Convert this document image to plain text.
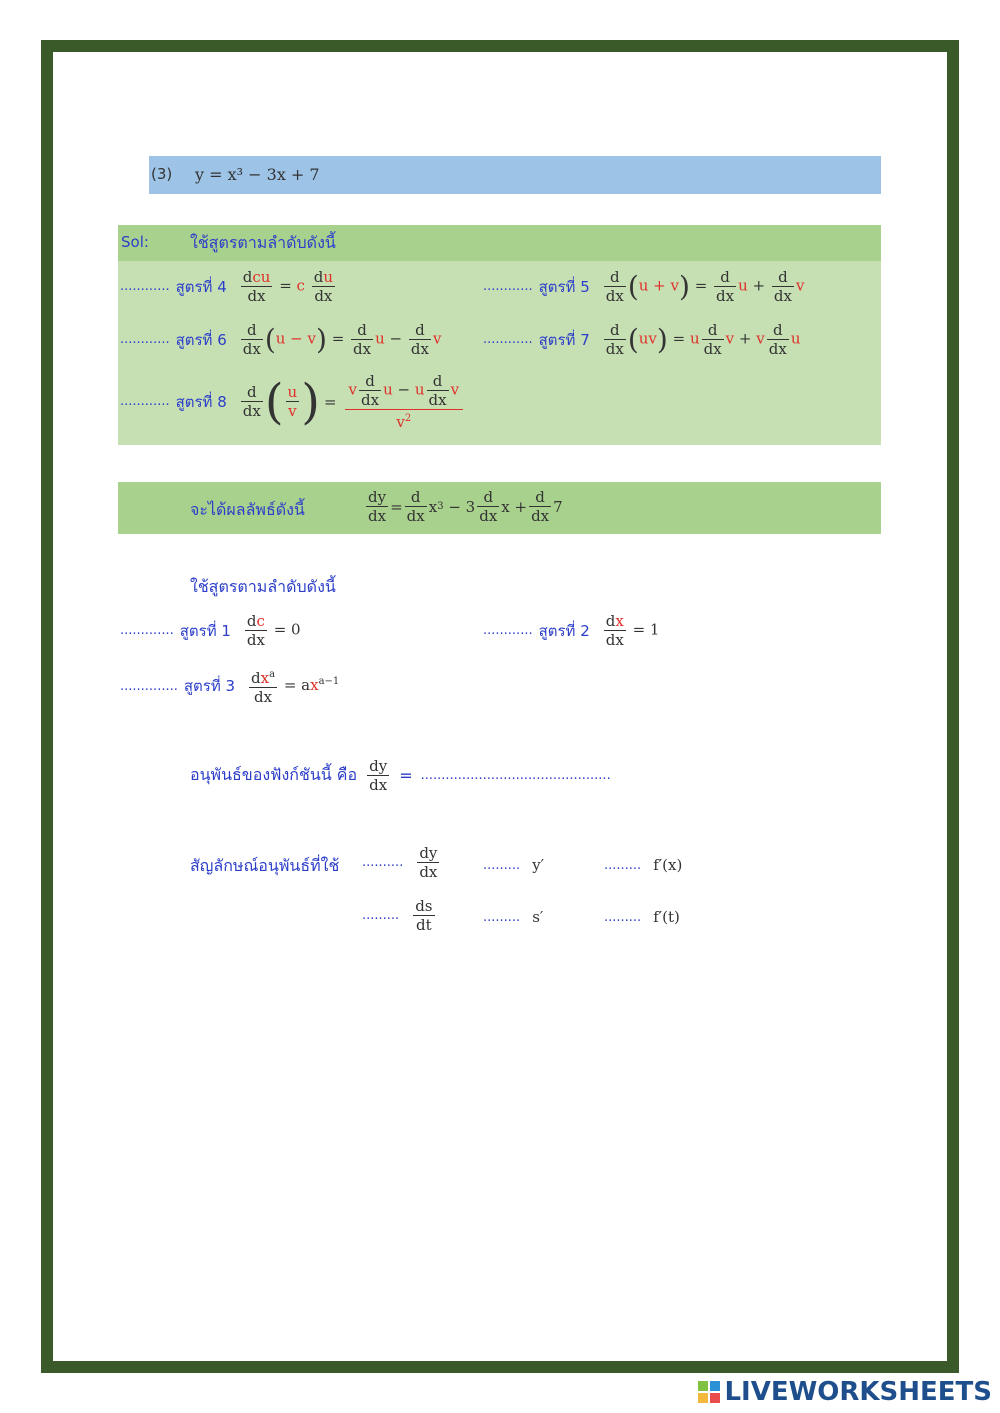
(3) y = x³ − 3x + 7
Sol:	ใช้สูตรตามลำดับดังนี้
............ สูตรที่ $4 \frac{\text{dcu}}{dx} = c \frac{du}{dx}$	............ สูตรที่ $5 \frac{d}{dx} (u + v) = \frac{d}{dx}$ $u + \frac{d}{dx}$ v
............ สูตรที่ $6 \frac{d}{dx} (u - v) = \frac{d}{dx}$ $u - \frac{d}{dx}$ v	............ สูตรที่ $7 \frac{d}{dx} (uv) = u \frac{d}{dx}$ v + v $\frac{d}{dx}$ u
............ สูตรที่ $8 \frac{d}{dx}$ ( $\frac{u}{v}$ ) = $\frac{v \frac{d}{dx} u - u \frac{d}{dx} v}{v^2}$
จะได้ผลลัพธ์ดังนี้	$\frac{dy}{dx} = \frac{d}{dx}$ x $3 - 3 \frac{d}{dx}$ $x + \frac{d}{dx} 7$
ใช้สูตรตามลำดับดังนี้
............. สูตรที่ $1 \frac{dc}{dx} = 0$	............ สูตรที่ $2 \frac{dx}{dx} = 1$
.............. สูตรที่ $3 \frac{dx^a}{dx} = ax^{a-1}$
อนุพันธ์ของฟังก์ชันนี้ คือ $\frac{dy}{dx}$ = ..............................................
สัญลักษณ์อนุพันธ์ที่ใช้ .......... $\frac{dy}{dx}$	......... y′	......... f′(x)
......... $\frac{ds}{dt}$	......... s′	......... f′(t)
LIVEWORKSHEETS
